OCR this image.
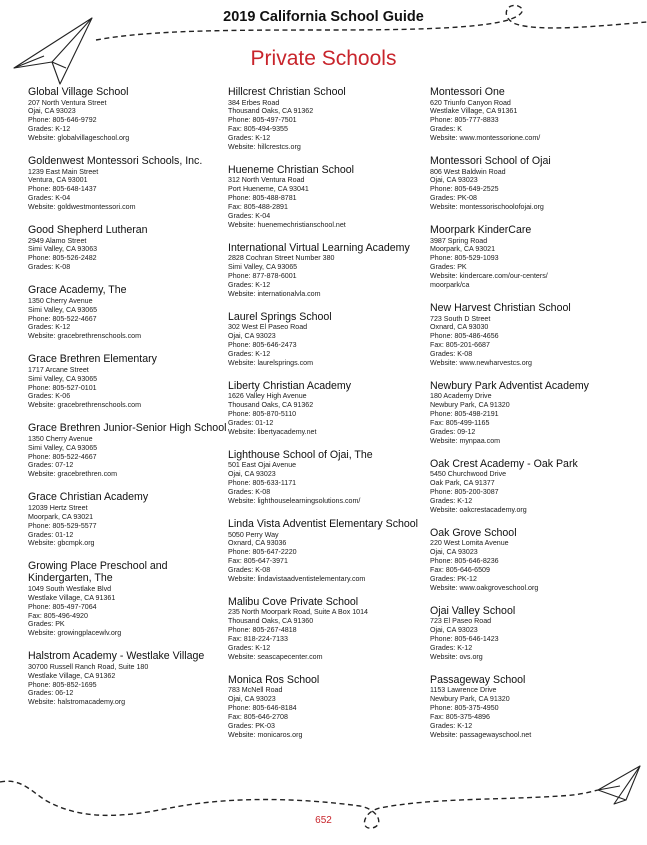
2019 California School Guide
Private Schools
Global Village School
207 North Ventura Street
Ojai, CA 93023
Phone: 805-646-9792
Grades: K-12
Website: globalvillageschool.org
Goldenwest Montessori Schools, Inc.
1239 East Main Street
Ventura, CA 93001
Phone: 805-648-1437
Grades: K-04
Website: goldwestmontessori.com
Good Shepherd Lutheran
2949 Alamo Street
Simi Valley, CA 93063
Phone: 805-526-2482
Grades: K-08
Grace Academy, The
1350 Cherry Avenue
Simi Valley, CA 93065
Phone: 805-522-4667
Grades: K-12
Website: gracebrethrenschools.com
Grace Brethren Elementary
1717 Arcane Street
Simi Valley, CA 93065
Phone: 805-527-0101
Grades: K-06
Website: gracebrethrenschools.com
Grace Brethren Junior-Senior High School
1350 Cherry Avenue
Simi Valley, CA 93065
Phone: 805-522-4667
Grades: 07-12
Website: gracebrethren.com
Grace Christian Academy
12039 Hertz Street
Moorpark, CA 93021
Phone: 805-529-5577
Grades: 01-12
Website: gbcmpk.org
Growing Place Preschool and Kindergarten, The
1049 South Westlake Blvd
Westlake Village, CA 91361
Phone: 805-497-7064
Fax: 805-496-4920
Grades: PK
Website: growingplacewlv.org
Halstrom Academy - Westlake Village
30700 Russell Ranch Road, Suite 180
Westlake Village, CA 91362
Phone: 805-852-1695
Grades: 06-12
Website: halstromacademy.org
Hillcrest Christian School
384 Erbes Road
Thousand Oaks, CA 91362
Phone: 805-497-7501
Fax: 805-494-9355
Grades: K-12
Website: hillcrestcs.org
Hueneme Christian School
312 North Ventura Road
Port Hueneme, CA 93041
Phone: 805-488-8781
Fax: 805-488-2891
Grades: K-04
Website: huenemechristianschool.net
International Virtual Learning Academy
2828 Cochran Street Number 380
Simi Valley, CA 93065
Phone: 877-878-6001
Grades: K-12
Website: internationalvla.com
Laurel Springs School
302 West El Paseo Road
Ojai, CA 93023
Phone: 805-646-2473
Grades: K-12
Website: laurelsprings.com
Liberty Christian Academy
1626 Valley High Avenue
Thousand Oaks, CA 91362
Phone: 805-870-5110
Grades: 01-12
Website: libertyacademy.net
Lighthouse School of Ojai, The
501 East Ojai Avenue
Ojai, CA 93023
Phone: 805-633-1171
Grades: K-08
Website: lighthouselearningsolutions.com/
Linda Vista Adventist Elementary School
5050 Perry Way
Oxnard, CA 93036
Phone: 805-647-2220
Fax: 805-647-3971
Grades: K-08
Website: lindavistaadventistelementary.com
Malibu Cove Private School
235 North Moorpark Road, Suite A Box 1014
Thousand Oaks, CA 91360
Phone: 805-267-4818
Fax: 818-224-7133
Grades: K-12
Website: seascapecenter.com
Monica Ros School
783 McNell Road
Ojai, CA 93023
Phone: 805-646-8184
Fax: 805-646-2708
Grades: PK-03
Website: monicaros.org
Montessori One
620 Triunfo Canyon Road
Westlake Village, CA 91361
Phone: 805-777-8833
Grades: K
Website: www.montessorione.com/
Montessori School of Ojai
806 West Baldwin Road
Ojai, CA 93023
Phone: 805-649-2525
Grades: PK-08
Website: montessorischoolofojai.org
Moorpark KinderCare
3987 Spring Road
Moorpark, CA 93021
Phone: 805-529-1093
Grades: PK
Website: kindercare.com/our-centers/
moorpark/ca
New Harvest Christian School
723 South D Street
Oxnard, CA 93030
Phone: 805-486-4656
Fax: 805-201-6687
Grades: K-08
Website: www.newharvestcs.org
Newbury Park Adventist Academy
180 Academy Drive
Newbury Park, CA 91320
Phone: 805-498-2191
Fax: 805-499-1165
Grades: 09-12
Website: mynpaa.com
Oak Crest Academy - Oak Park
5450 Churchwood Drive
Oak Park, CA 91377
Phone: 805-200-3087
Grades: K-12
Website: oakcrestacademy.org
Oak Grove School
220 West Lomita Avenue
Ojai, CA 93023
Phone: 805-646-8236
Fax: 805-646-6509
Grades: PK-12
Website: www.oakgroveschool.org
Ojai Valley School
723 El Paseo Road
Ojai, CA 93023
Phone: 805-646-1423
Grades: K-12
Website: ovs.org
Passageway School
1153 Lawrence Drive
Newbury Park, CA 91320
Phone: 805-375-4950
Fax: 805-375-4896
Grades: K-12
Website: passagewayschool.net
652
